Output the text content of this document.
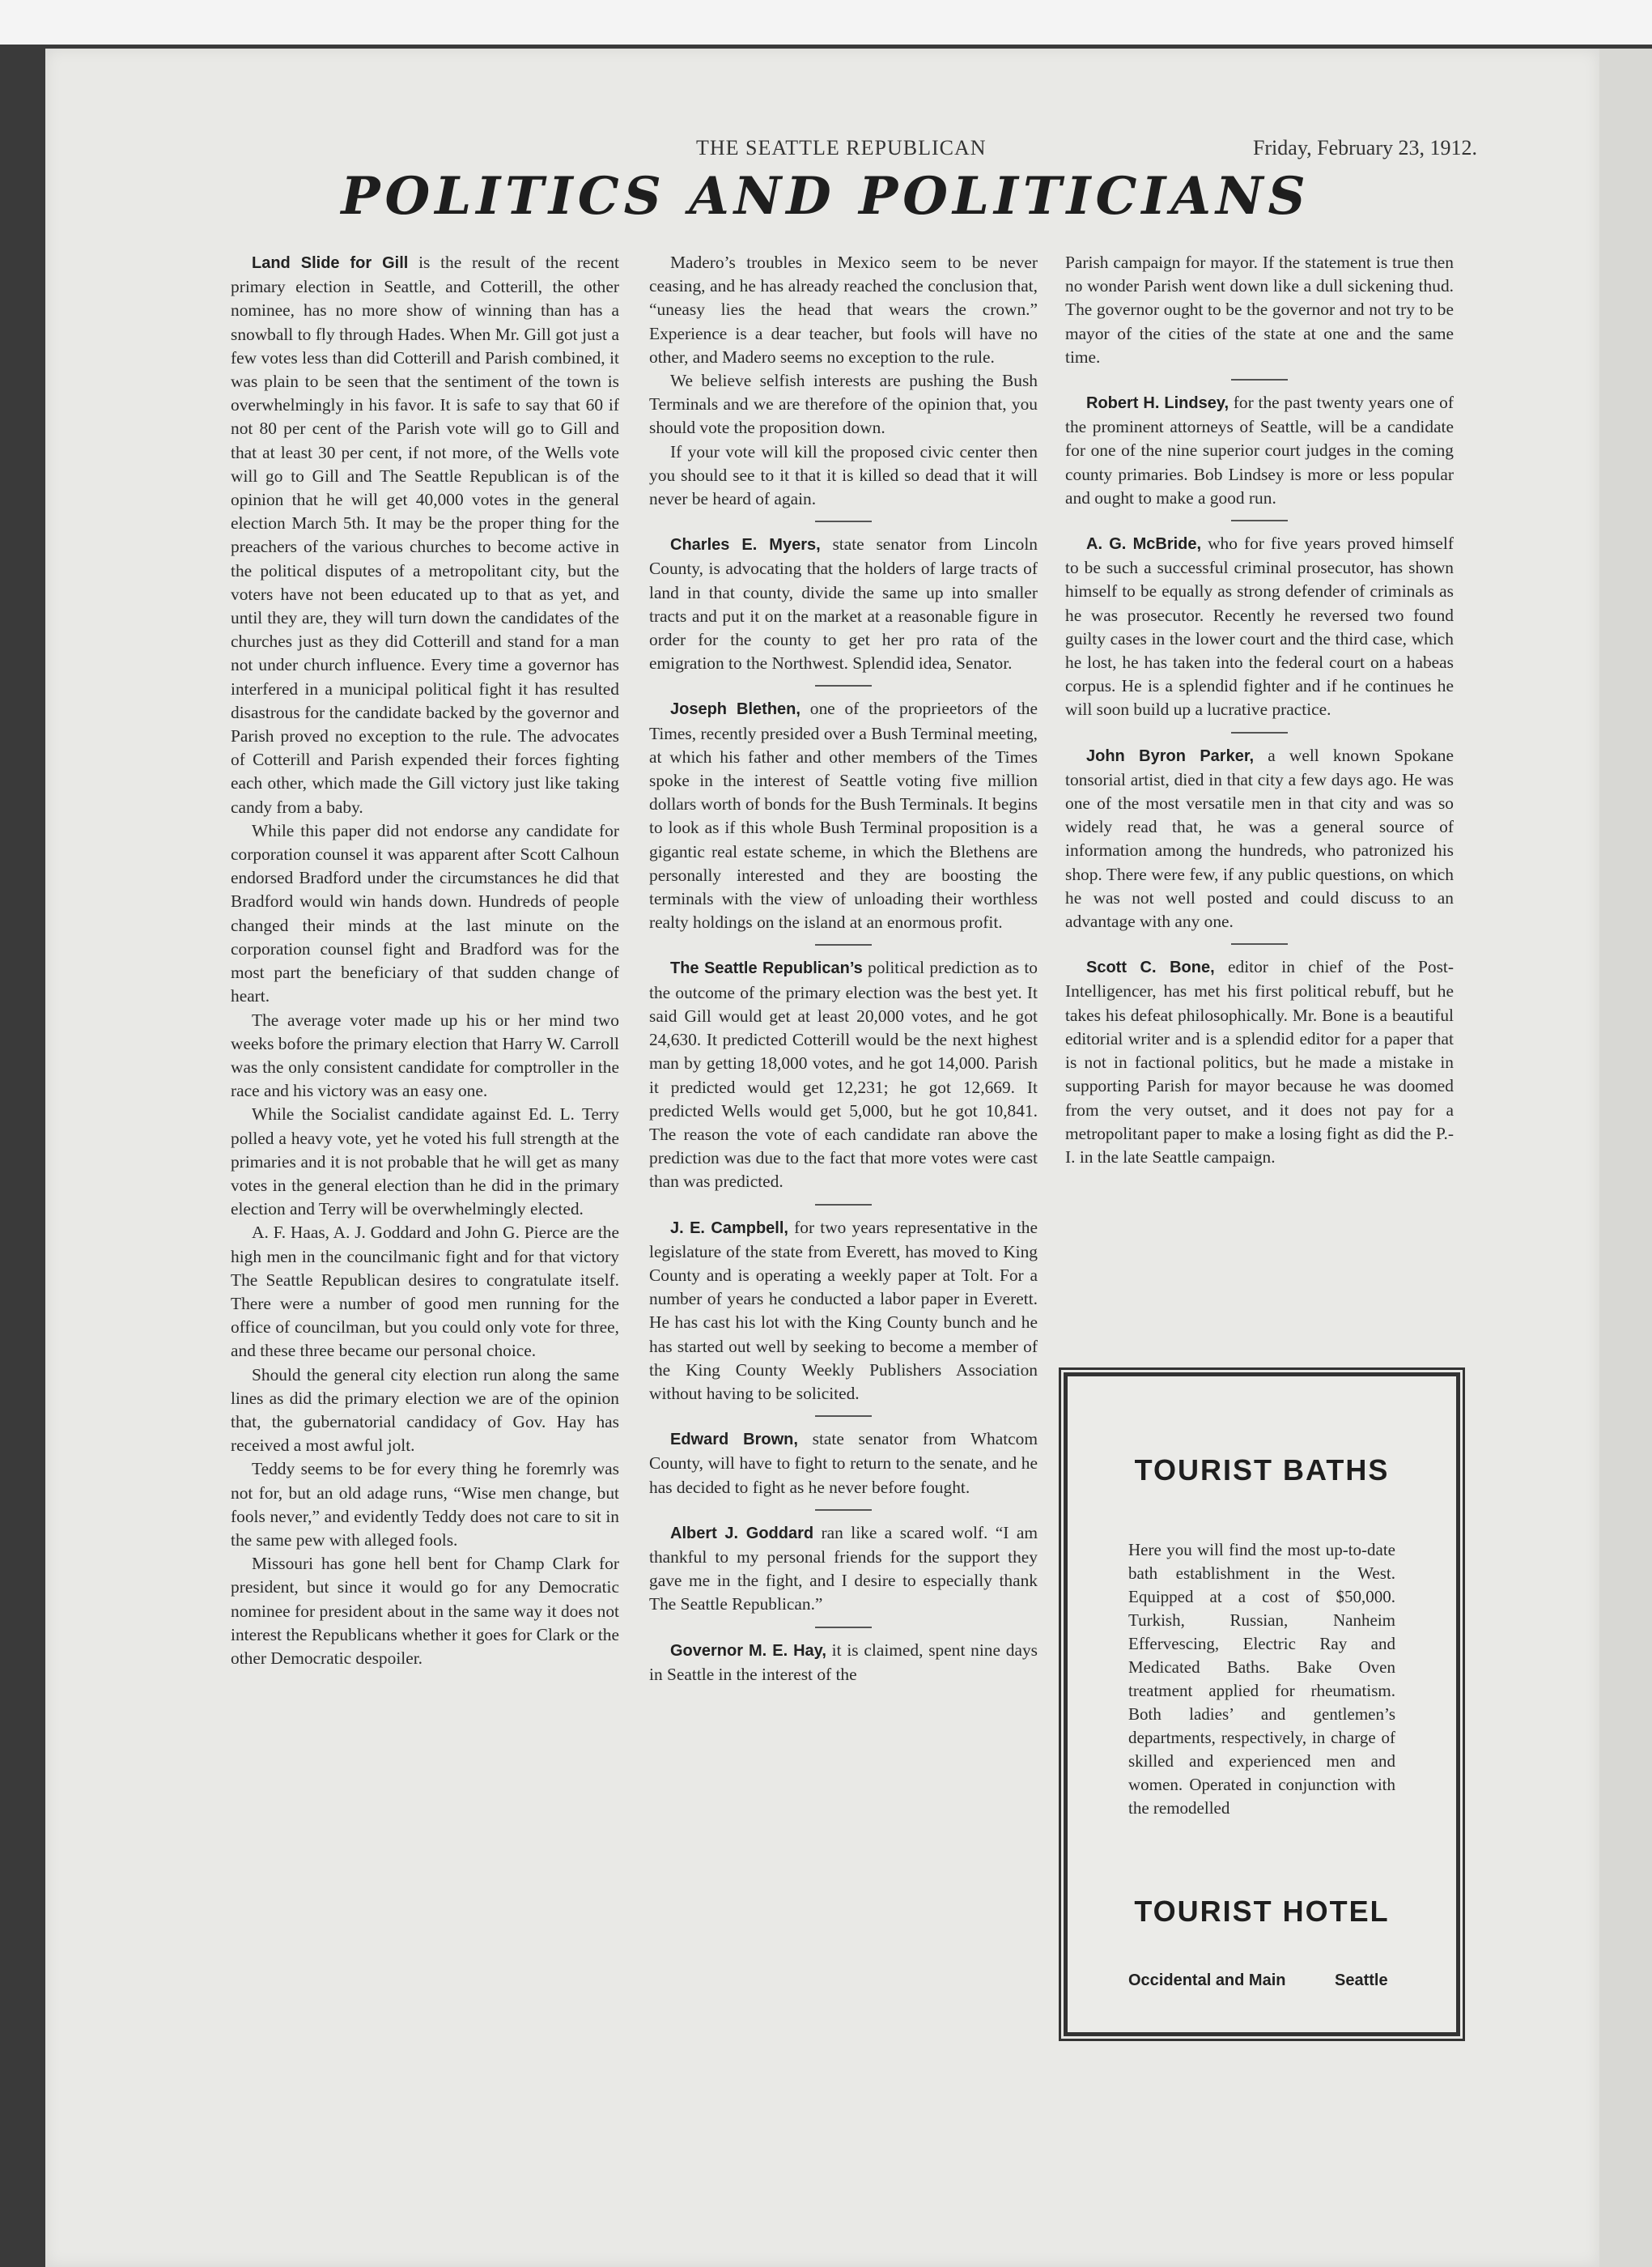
THE SEATTLE REPUBLICAN	Friday, February 23, 1912.
POLITICS AND POLITICIANS

Land Slide for Gill is the result of the recent primary election in Seattle, and Cotterill, the other nominee, has no more show of winning than has a snowball to fly through Hades. When Mr. Gill got just a few votes less than did Cotterill and Parish combined, it was plain to be seen that the sentiment of the town is overwhelmingly in his favor. It is safe to say that 60 if not 80 per cent of the Parish vote will go to Gill and that at least 30 per cent, if not more, of the Wells vote will go to Gill and The Seattle Republican is of the opinion that he will get 40,000 votes in the general election March 5th. It may be the proper thing for the preachers of the various churches to become active in the political disputes of a metropolitant city, but the voters have not been educated up to that as yet, and until they are, they will turn down the candidates of the churches just as they did Cotterill and stand for a man not under church influence. Every time a governor has interfered in a municipal political fight it has resulted disastrous for the candidate backed by the governor and Parish proved no exception to the rule. The advocates of Cotterill and Parish expended their forces fighting each other, which made the Gill victory just like taking candy from a baby.

While this paper did not endorse any candidate for corporation counsel it was apparent after Scott Calhoun endorsed Bradford under the circumstances he did that Bradford would win hands down. Hundreds of people changed their minds at the last minute on the corporation counsel fight and Bradford was for the most part the beneficiary of that sudden change of heart.

The average voter made up his or her mind two weeks bofore the primary election that Harry W. Carroll was the only consistent candidate for comptroller in the race and his victory was an easy one.

While the Socialist candidate against Ed. L. Terry polled a heavy vote, yet he voted his full strength at the primaries and it is not probable that he will get as many votes in the general election than he did in the primary election and Terry will be overwhelmingly elected.

A. F. Haas, A. J. Goddard and John G. Pierce are the high men in the councilmanic fight and for that victory The Seattle Republican desires to congratulate itself. There were a number of good men running for the office of councilman, but you could only vote for three, and these three became our personal choice.

Should the general city election run along the same lines as did the primary election we are of the opinion that, the gubernatorial candidacy of Gov. Hay has received a most awful jolt.

Teddy seems to be for every thing he foremrly was not for, but an old adage runs, “Wise men change, but fools never,” and evidently Teddy does not care to sit in the same pew with alleged fools.

Missouri has gone hell bent for Champ Clark for president, but since it would go for any Democratic nominee for president about in the same way it does not interest the Republicans whether it goes for Clark or the other Democratic despoiler.

Madero’s troubles in Mexico seem to be never ceasing, and he has already reached the conclusion that, “uneasy lies the head that wears the crown.” Experience is a dear teacher, but fools will have no other, and Madero seems no exception to the rule.

We believe selfish interests are pushing the Bush Terminals and we are therefore of the opinion that, you should vote the proposition down.

If your vote will kill the proposed civic center then you should see to it that it is killed so dead that it will never be heard of again.

Charles E. Myers, state senator from Lincoln County, is advocating that the holders of large tracts of land in that county, divide the same up into smaller tracts and put it on the market at a reasonable figure in order for the county to get her pro rata of the emigration to the Northwest. Splendid idea, Senator.

Joseph Blethen, one of the proprieetors of the Times, recently presided over a Bush Terminal meeting, at which his father and other members of the Times spoke in the interest of Seattle voting five million dollars worth of bonds for the Bush Terminals. It begins to look as if this whole Bush Terminal proposition is a gigantic real estate scheme, in which the Blethens are personally interested and they are boosting the terminals with the view of unloading their worthless realty holdings on the island at an enormous profit.

The Seattle Republican’s political prediction as to the outcome of the primary election was the best yet. It said Gill would get at least 20,000 votes, and he got 24,630. It predicted Cotterill would be the next highest man by getting 18,000 votes, and he got 14,000. Parish it predicted would get 12,231; he got 12,669. It predicted Wells would get 5,000, but he got 10,841. The reason the vote of each candidate ran above the prediction was due to the fact that more votes were cast than was predicted.

J. E. Campbell, for two years representative in the legislature of the state from Everett, has moved to King County and is operating a weekly paper at Tolt. For a number of years he conducted a labor paper in Everett. He has cast his lot with the King County bunch and he has started out well by seeking to become a member of the King County Weekly Publishers Association without having to be solicited.

Edward Brown, state senator from Whatcom County, will have to fight to return to the senate, and he has decided to fight as he never before fought.

Albert J. Goddard ran like a scared wolf. “I am thankful to my personal friends for the support they gave me in the fight, and I desire to especially thank The Seattle Republican.”

Governor M. E. Hay, it is claimed, spent nine days in Seattle in the interest of the

Parish campaign for mayor. If the statement is true then no wonder Parish went down like a dull sickening thud. The governor ought to be the governor and not try to be mayor of the cities of the state at one and the same time.

Robert H. Lindsey, for the past twenty years one of the prominent attorneys of Seattle, will be a candidate for one of the nine superior court judges in the coming county primaries. Bob Lindsey is more or less popular and ought to make a good run.

A. G. McBride, who for five years proved himself to be such a successful criminal prosecutor, has shown himself to be equally as strong defender of criminals as he was prosecutor. Recently he reversed two found guilty cases in the lower court and the third case, which he lost, he has taken into the federal court on a habeas corpus. He is a splendid fighter and if he continues he will soon build up a lucrative practice.

John Byron Parker, a well known Spokane tonsorial artist, died in that city a few days ago. He was one of the most versatile men in that city and was so widely read that, he was a general source of information among the hundreds, who patronized his shop. There were few, if any public questions, on which he was not well posted and could discuss to an advantage with any one.

Scott C. Bone, editor in chief of the Post-Intelligencer, has met his first political rebuff, but he takes his defeat philosophically. Mr. Bone is a beautiful editorial writer and is a splendid editor for a paper that is not in factional politics, but he made a mistake in supporting Parish for mayor because he was doomed from the very outset, and it does not pay for a metropolitant paper to make a losing fight as did the P.-I. in the late Seattle campaign.

TOURIST BATHS
Here you will find the most up-to-date bath establishment in the West. Equipped at a cost of $50,000. Turkish, Russian, Nanheim Effervescing, Electric Ray and Medicated Baths. Bake Oven treatment applied for rheumatism. Both ladies’ and gentlemen’s departments, respectively, in charge of skilled and experienced men and women. Operated in conjunction with the remodelled
TOURIST HOTEL
Occidental and Main	Seattle
